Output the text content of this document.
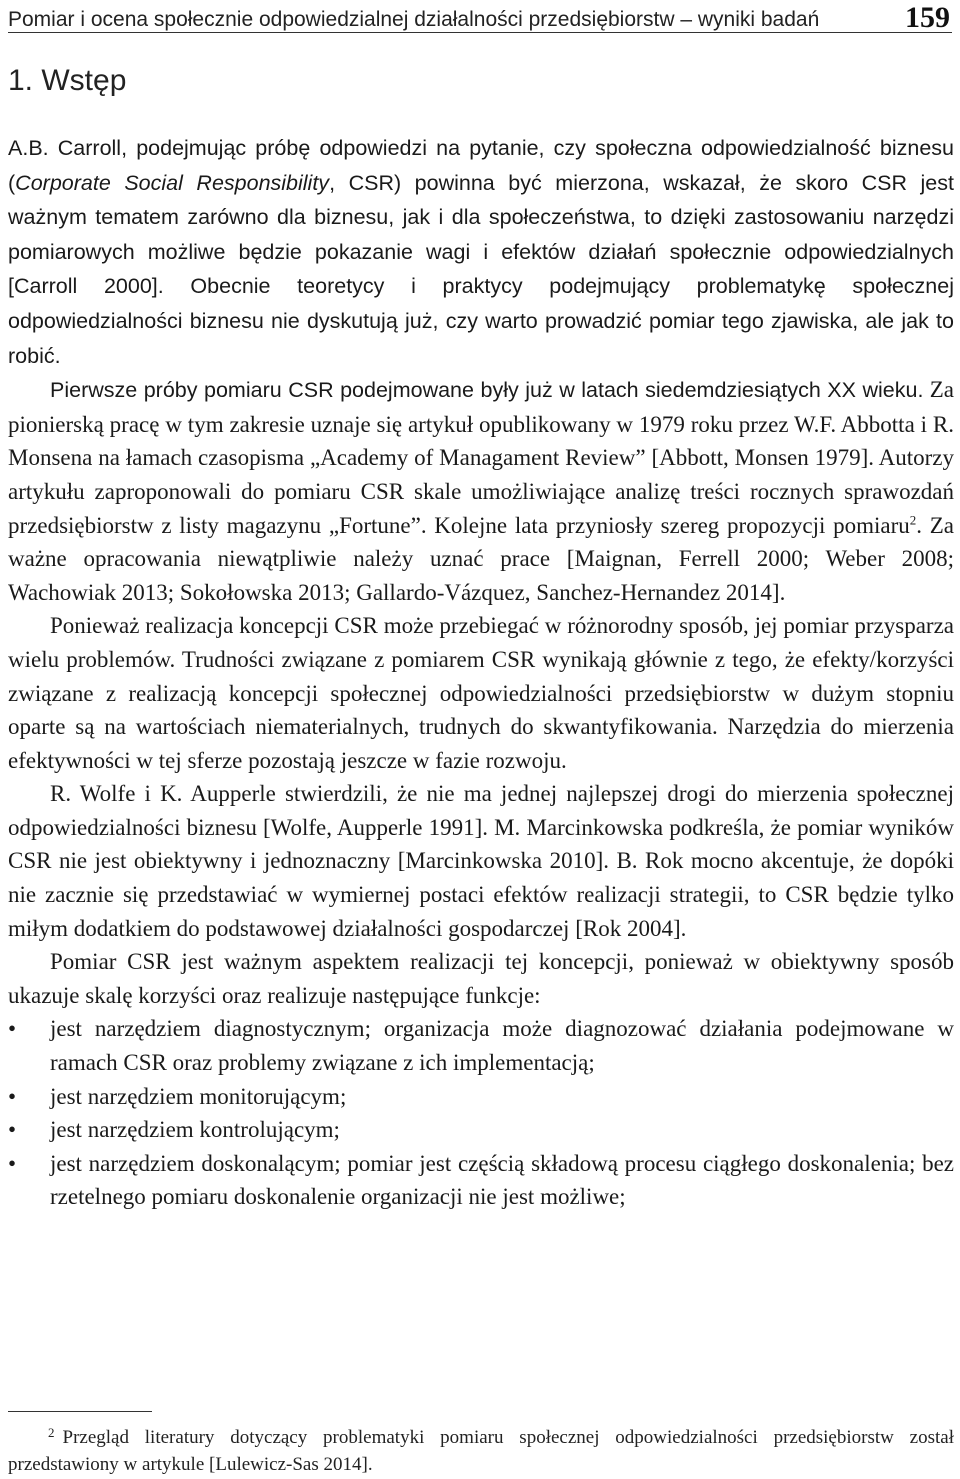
Pomiar i ocena społecznie odpowiedzialnej działalności przedsiębiorstw – wyniki badań	159
1. Wstęp

A.B. Carroll, podejmując próbę odpowiedzi na pytanie, czy społeczna odpowiedzialność biznesu (Corporate Social Responsibility, CSR) powinna być mierzona, wskazał, że skoro CSR jest ważnym tematem zarówno dla biznesu, jak i dla społeczeństwa, to dzięki zastosowaniu narzędzi pomiarowych możliwe będzie pokazanie wagi i efektów działań społecznie odpowiedzialnych [Carroll 2000]. Obecnie teoretycy i praktycy podejmujący problematykę społecznej odpowiedzialności biznesu nie dyskutują już, czy warto prowadzić pomiar tego zjawiska, ale jak to robić.

Pierwsze próby pomiaru CSR podejmowane były już w latach siedemdziesiątych XX wieku. Za pionierską pracę w tym zakresie uznaje się artykuł opublikowany w 1979 roku przez W.F. Abbotta i R. Monsena na łamach czasopisma „Academy of Managament Review” [Abbott, Monsen 1979]. Autorzy artykułu zaproponowali do pomiaru CSR skale umożliwiające analizę treści rocznych sprawozdań przedsiębiorstw z listy magazynu „Fortune”. Kolejne lata przyniosły szereg propozycji pomiaru$^2$. Za ważne opracowania niewątpliwie należy uznać prace [Maignan, Ferrell 2000; Weber 2008; Wachowiak 2013; Sokołowska 2013; Gallardo-Vázquez, Sanchez-Hernandez 2014].

Ponieważ realizacja koncepcji CSR może przebiegać w różnorodny sposób, jej pomiar przysparza wielu problemów. Trudności związane z pomiarem CSR wynikają głównie z tego, że efekty/korzyści związane z realizacją koncepcji społecznej odpowiedzialności przedsiębiorstw w dużym stopniu oparte są na wartościach niematerialnych, trudnych do skwantyfikowania. Narzędzia do mierzenia efektywności w tej sferze pozostają jeszcze w fazie rozwoju.

R. Wolfe i K. Aupperle stwierdzili, że nie ma jednej najlepszej drogi do mierzenia społecznej odpowiedzialności biznesu [Wolfe, Aupperle 1991]. M. Marcinkowska podkreśla, że pomiar wyników CSR nie jest obiektywny i jednoznaczny [Marcinkowska 2010]. B. Rok mocno akcentuje, że dopóki nie zacznie się przedstawiać w wymiernej postaci efektów realizacji strategii, to CSR będzie tylko miłym dodatkiem do podstawowej działalności gospodarczej [Rok 2004].

Pomiar CSR jest ważnym aspektem realizacji tej koncepcji, ponieważ w obiektywny sposób ukazuje skalę korzyści oraz realizuje następujące funkcje:

• jest narzędziem diagnostycznym; organizacja może diagnozować działania podejmowane w ramach CSR oraz problemy związane z ich implementacją;
• jest narzędziem monitorującym;
• jest narzędziem kontrolującym;
• jest narzędziem doskonalącym; pomiar jest częścią składową procesu ciągłego doskonalenia; bez rzetelnego pomiaru doskonalenie organizacji nie jest możliwe;
$^2$ Przegląd literatury dotyczący problematyki pomiaru społecznej odpowiedzialności przedsiębiorstw został przedstawiony w artykule [Lulewicz-Sas 2014].
